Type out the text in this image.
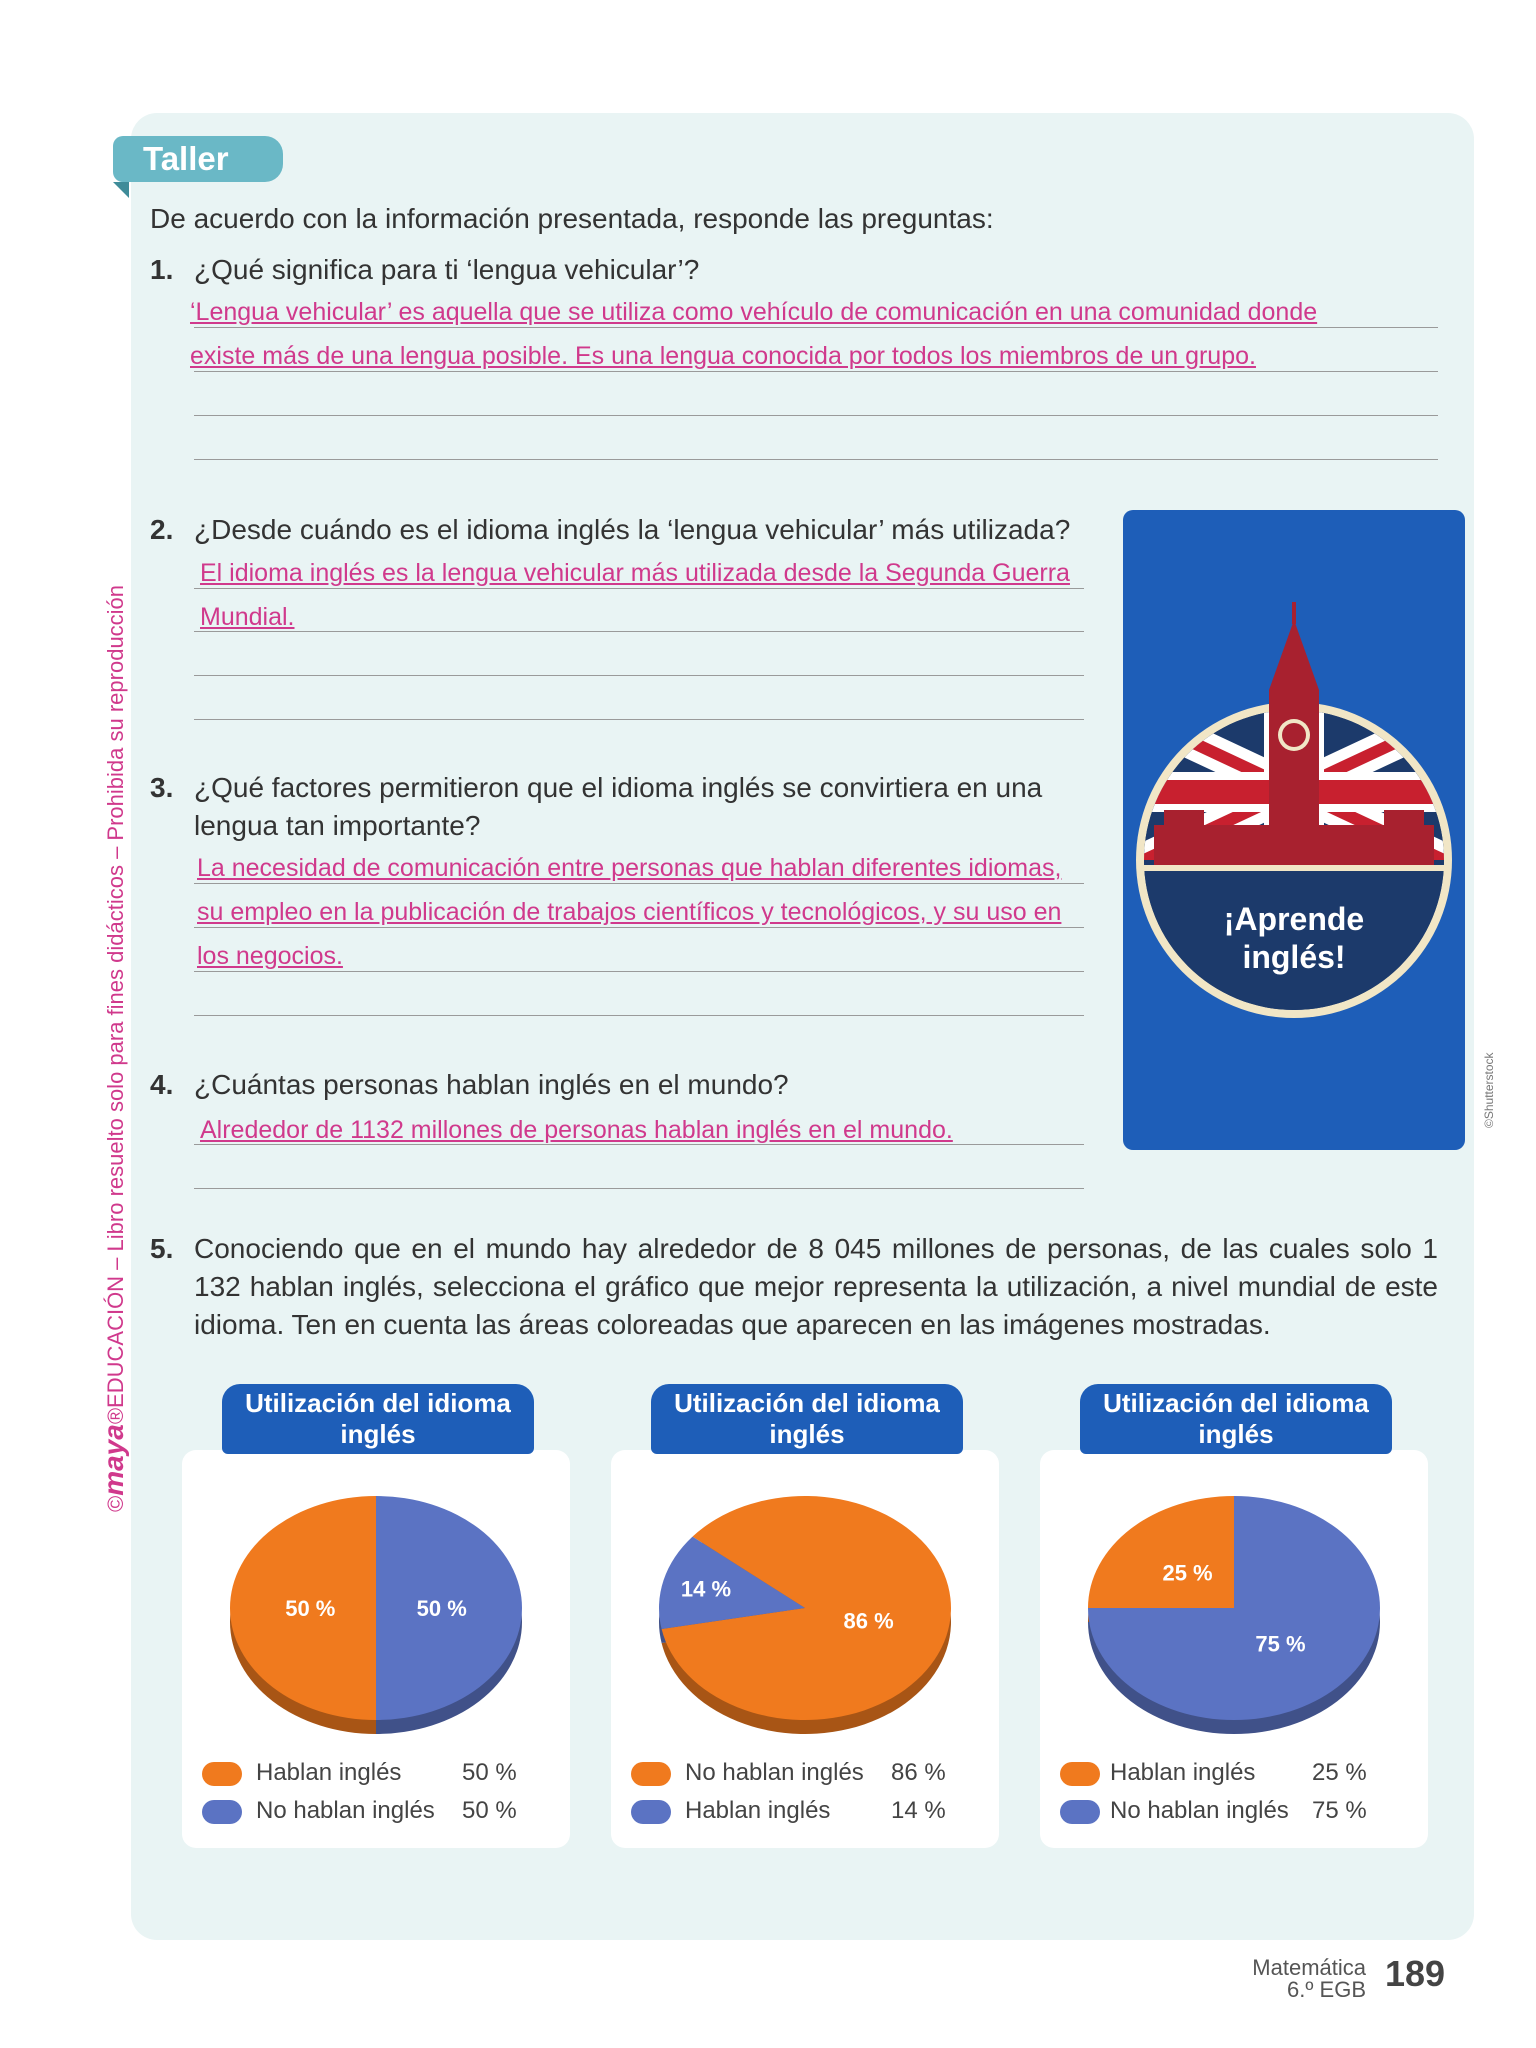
Taller
©maya®EDUCACIÓN – Libro resuelto solo para fines didácticos – Prohibida su reproducción
De acuerdo con la información presentada, responde las preguntas:
1. ¿Qué significa para ti ‘lengua vehicular’?
‘Lengua vehicular’ es aquella que se utiliza como vehículo de comunicación en una comunidad donde
existe más de una lengua posible. Es una lengua conocida por todos los miembros de un grupo.
2. ¿Desde cuándo es el idioma inglés la ‘lengua vehicular’ más utilizada?
El idioma inglés es la lengua vehicular más utilizada desde la Segunda Guerra
Mundial.
3. ¿Qué factores permitieron que el idioma inglés se convirtiera en una
lengua tan importante?
La necesidad de comunicación entre personas que hablan diferentes idiomas,
su empleo en la publicación de trabajos científicos y tecnológicos, y su uso en
los negocios.
4. ¿Cuántas personas hablan inglés en el mundo?
Alrededor de 1132 millones de personas hablan inglés en el mundo.
5. Conociendo que en el mundo hay alrededor de 8 045 millones de personas, de las cuales solo 1 132 hablan inglés, selecciona el gráfico que mejor representa la utilización, a nivel mundial de este idioma. Ten en cuenta las áreas coloreadas que aparecen en las imágenes mostradas.
¡Aprende
inglés!
©Shutterstock
50 %	50 %
Hablan inglés	50 %
No hablan inglés 50 %
Utilización del idioma inglés
86 %
14 %
No hablan inglés 86 %
Hablan inglés	14 %
Utilización del idioma inglés
25 %
75 %
Hablan inglés 25 %
No hablan inglés 75 %
Utilización del idioma inglés
Matemática
6.º EGB 189
